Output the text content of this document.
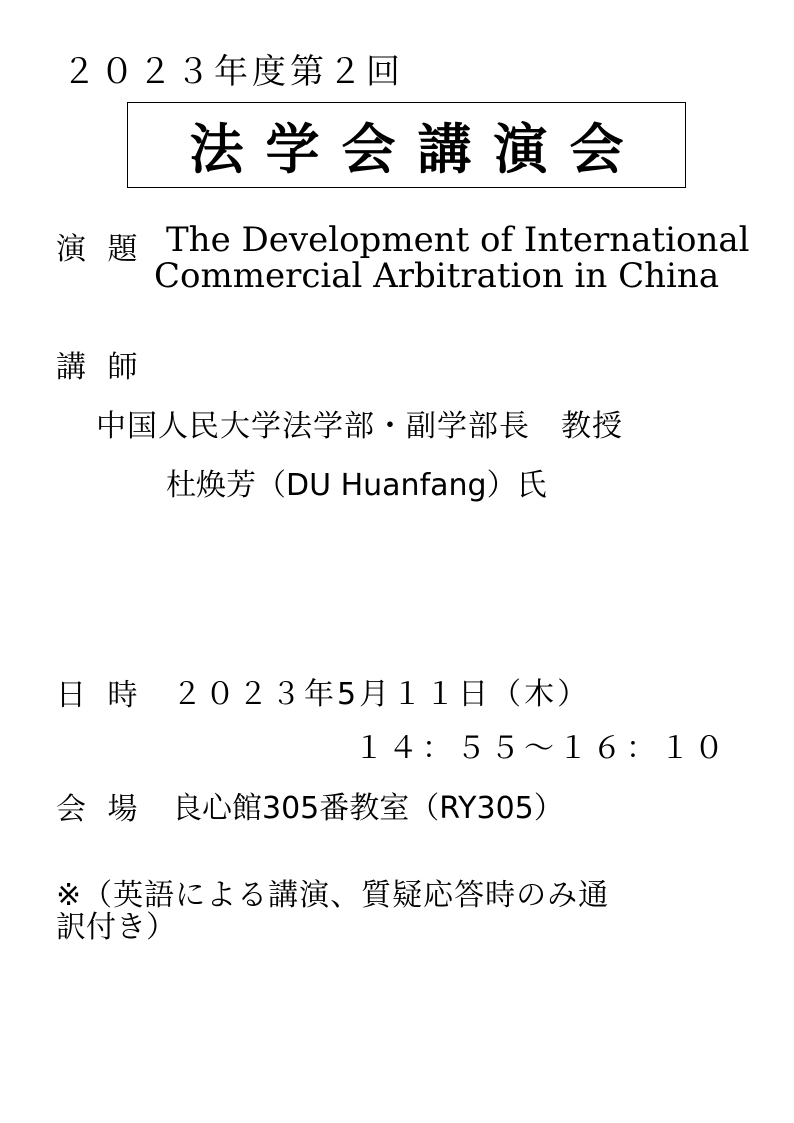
２０２３年度第２回
法学会講演会
演 題 The Development of International
Commercial Arbitration in China
講 師
中国人民大学法学部・副学部長　教授
杜焕芳（DU Huanfang）氏
日 時 ２０２３年5月１１日（木）
１４：５５～１６：１０
会 場 良心館305番教室（RY305）
※（英語による講演、質疑応答時のみ通
訳付き）
